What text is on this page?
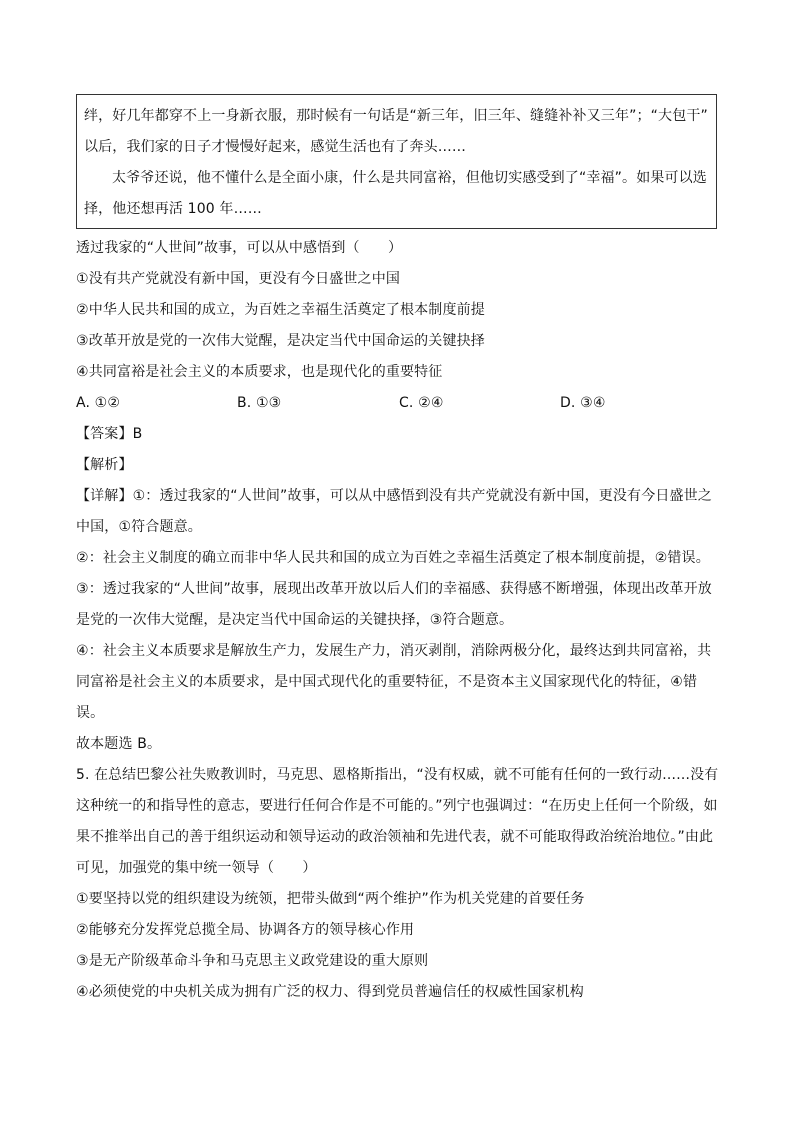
绊，好几年都穿不上一身新衣服，那时候有一句话是“新三年，旧三年、缝缝补补又三年”；“大包干”
以后，我们家的日子才慢慢好起来，感觉生活也有了奔头……
太爷爷还说，他不懂什么是全面小康，什么是共同富裕，但他切实感受到了“幸福”。如果可以选
择，他还想再活 100 年……
透过我家的“人世间”故事，可以从中感悟到（　　）
①没有共产党就没有新中国，更没有今日盛世之中国
②中华人民共和国的成立，为百姓之幸福生活奠定了根本制度前提
③改革开放是党的一次伟大觉醒，是决定当代中国命运的关键抉择
④共同富裕是社会主义的本质要求，也是现代化的重要特征
A. ①②	B. ①③	C. ②④	D. ③④
【答案】B
【解析】
【详解】①：透过我家的“人世间”故事，可以从中感悟到没有共产党就没有新中国，更没有今日盛世之
中国，①符合题意。
②：社会主义制度的确立而非中华人民共和国的成立为百姓之幸福生活奠定了根本制度前提，②错误。
③：透过我家的“人世间”故事，展现出改革开放以后人们的幸福感、获得感不断增强，体现出改革开放
是党的一次伟大觉醒，是决定当代中国命运的关键抉择，③符合题意。
④：社会主义本质要求是解放生产力，发展生产力，消灭剥削，消除两极分化，最终达到共同富裕，共
同富裕是社会主义的本质要求，是中国式现代化的重要特征，不是资本主义国家现代化的特征，④错
误。
故本题选 B。
5. 在总结巴黎公社失败教训时，马克思、恩格斯指出，“没有权威，就不可能有任何的一致行动……没有
这种统一的和指导性的意志，要进行任何合作是不可能的。”列宁也强调过：“在历史上任何一个阶级，如
果不推举出自己的善于组织运动和领导运动的政治领袖和先进代表，就不可能取得政治统治地位。”由此
可见，加强党的集中统一领导（　　）
①要坚持以党的组织建设为统领，把带头做到“两个维护”作为机关党建的首要任务
②能够充分发挥党总揽全局、协调各方的领导核心作用
③是无产阶级革命斗争和马克思主义政党建设的重大原则
④必须使党的中央机关成为拥有广泛的权力、得到党员普遍信任的权威性国家机构
